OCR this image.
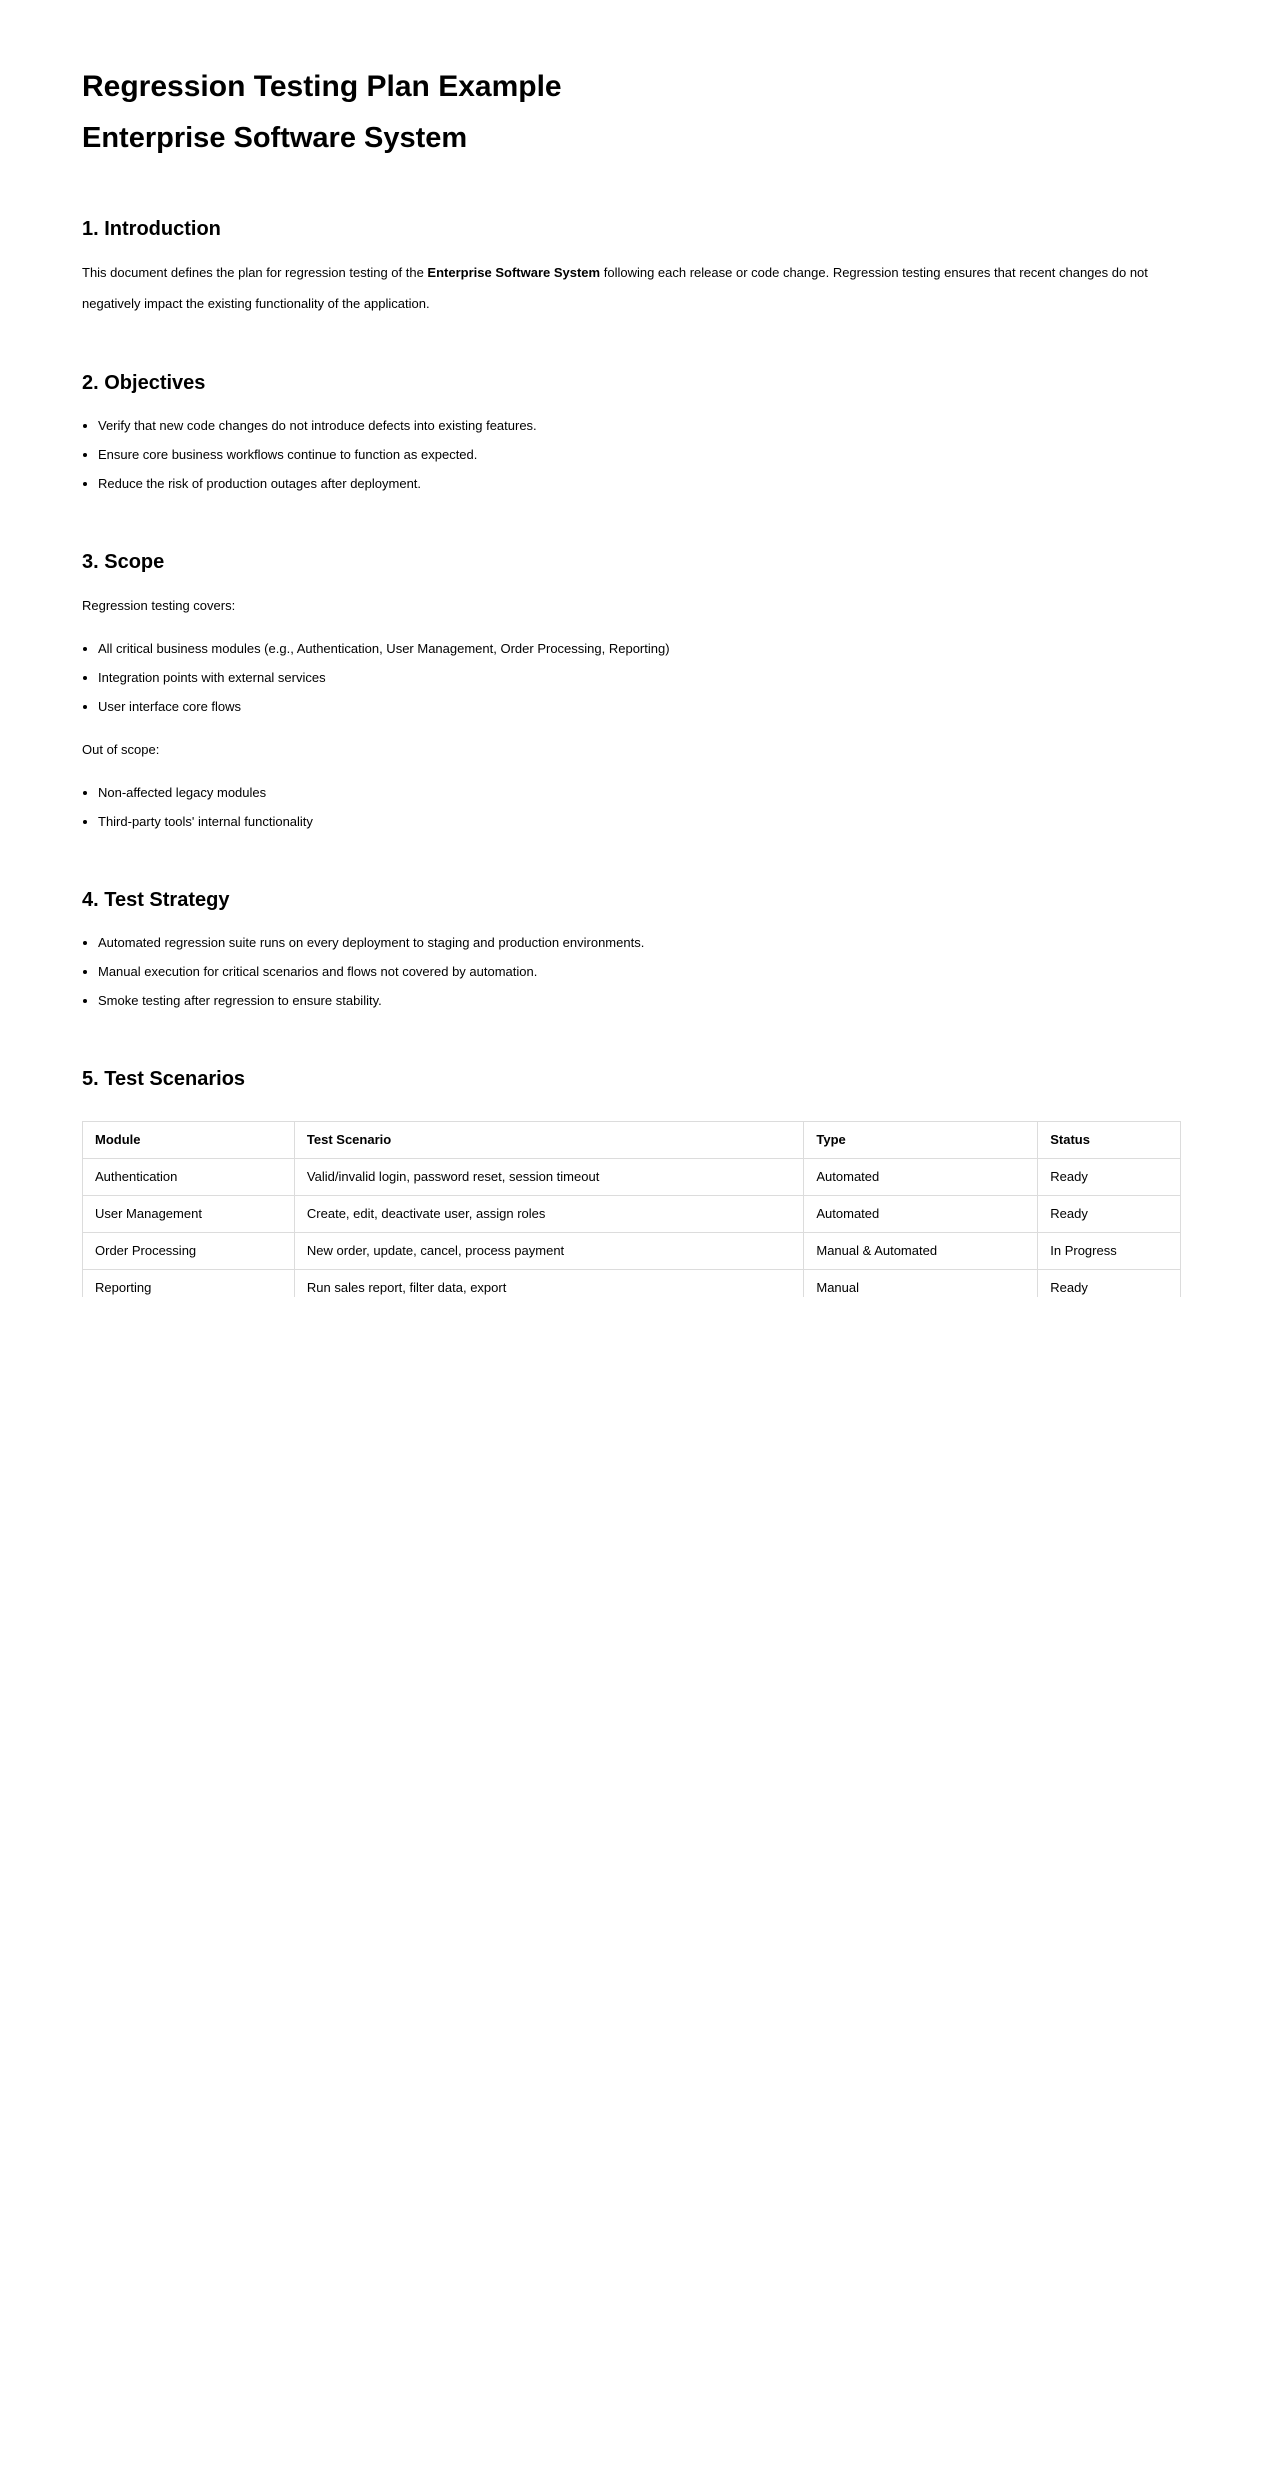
Regression Testing Plan Example
Enterprise Software System
1. Introduction

This document defines the plan for regression testing of the Enterprise Software System following each release or code change. Regression testing ensures that recent changes do not negatively impact the existing functionality of the application.

2. Objectives
• Verify that new code changes do not introduce defects into existing features.
• Ensure core business workflows continue to function as expected.
• Reduce the risk of production outages after deployment.
3. Scope

Regression testing covers:

• All critical business modules (e.g., Authentication, User Management, Order Processing, Reporting)
• Integration points with external services
• User interface core flows

Out of scope:

• Non-affected legacy modules
• Third-party tools' internal functionality
4. Test Strategy
• Automated regression suite runs on every deployment to staging and production environments.
• Manual execution for critical scenarios and flows not covered by automation.
• Smoke testing after regression to ensure stability.
5. Test Scenarios
Module	Test Scenario	Type	Status
Authentication	Valid/invalid login, password reset, session timeout	Automated	Ready
User Management	Create, edit, deactivate user, assign roles	Automated	Ready
Order Processing	New order, update, cancel, process payment	Manual & Automated	In Progress
Reporting	Run sales report, filter data, export	Manual	Ready
